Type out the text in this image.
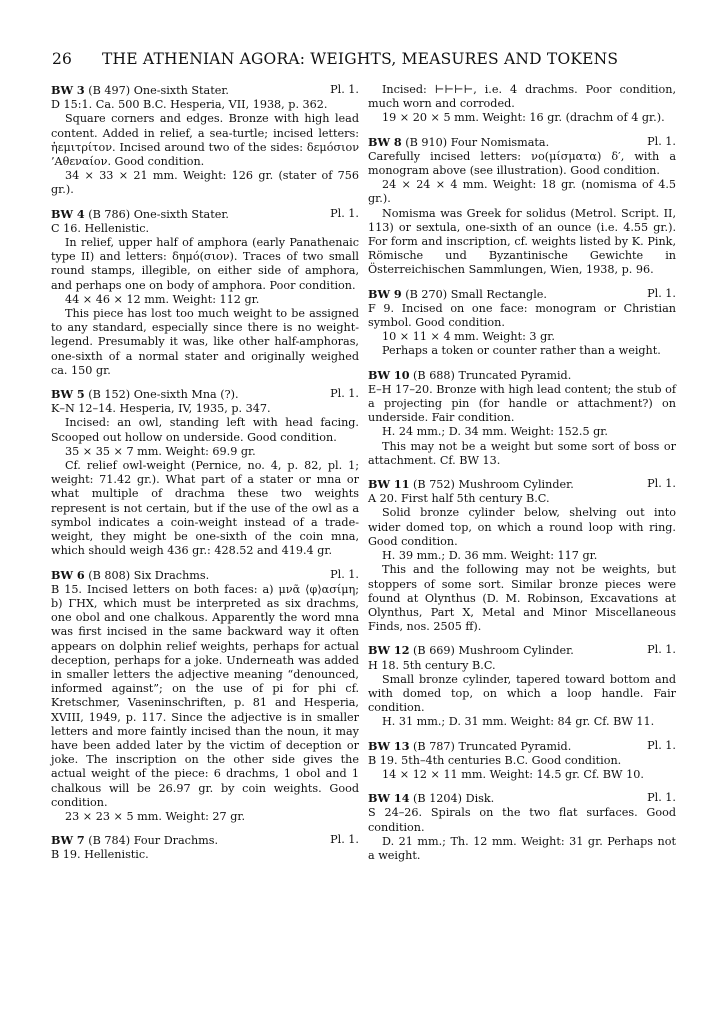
26 THE ATHENIAN AGORA: WEIGHTS, MEASURES AND TOKENS
BW 3 (B 497) One-sixth Stater.	Pl. 1.

D 15:1. Ca. 500 B.C. Hesperia, VII, 1938, p. 362.

Square corners and edges. Bronze with high lead content. Added in relief, a sea-turtle; incised letters: ἡεμιτρίτον. Incised around two of the sides: δεμόσιον ’Αθεναίον. Good condition.

34 × 33 × 21 mm. Weight: 126 gr. (stater of 756 gr.).

BW 4 (B 786) One-sixth Stater.	Pl. 1.

C 16. Hellenistic.

In relief, upper half of amphora (early Panathenaic type II) and letters: δημό(σιον). Traces of two small round stamps, illegible, on either side of amphora, and perhaps one on body of amphora. Poor condition.

44 × 46 × 12 mm. Weight: 112 gr.

This piece has lost too much weight to be assigned to any standard, especially since there is no weight-legend. Presumably it was, like other half-amphoras, one-sixth of a normal stater and originally weighed ca. 150 gr.

BW 5 (B 152) One-sixth Mna (?).	Pl. 1.

K–N 12–14. Hesperia, IV, 1935, p. 347.

Incised: an owl, standing left with head facing. Scooped out hollow on underside. Good condition.

35 × 35 × 7 mm. Weight: 69.9 gr.

Cf. relief owl-weight (Pernice, no. 4, p. 82, pl. 1; weight: 71.42 gr.). What part of a stater or mna or what multiple of drachma these two weights represent is not certain, but if the use of the owl as a symbol indicates a coin-weight instead of a trade-weight, they might be one-sixth of the coin mna, which should weigh 436 gr.: 428.52 and 419.4 gr.

BW 6 (B 808) Six Drachms.	Pl. 1.

B 15. Incised letters on both faces: a) μνᾶ ⟨φ⟩ασίμη; b) ΓΗΧ, which must be interpreted as six drachms, one obol and one chalkous. Apparently the word mna was first incised in the same backward way it often appears on dolphin relief weights, perhaps for actual deception, perhaps for a joke. Underneath was added in smaller letters the adjective meaning “denounced, informed against”; on the use of pi for phi cf. Kretschmer, Vaseninschriften, p. 81 and Hesperia, XVIII, 1949, p. 117. Since the adjective is in smaller letters and more faintly incised than the noun, it may have been added later by the victim of deception or joke. The inscription on the other side gives the actual weight of the piece: 6 drachms, 1 obol and 1 chalkous will be 26.97 gr. by coin weights. Good condition.

23 × 23 × 5 mm. Weight: 27 gr.

BW 7 (B 784) Four Drachms.	Pl. 1.

B 19. Hellenistic.

Incised: ⊢⊢⊢⊢, i.e. 4 drachms. Poor condition, much worn and corroded.

19 × 20 × 5 mm. Weight: 16 gr. (drachm of 4 gr.).

BW 8 (B 910) Four Nomismata.	Pl. 1.

Carefully incised letters: νο(μίσματα) δ′, with a monogram above (see illustration). Good condition.

24 × 24 × 4 mm. Weight: 18 gr. (nomisma of 4.5 gr.).

Nomisma was Greek for solidus (Metrol. Script. II, 113) or sextula, one-sixth of an ounce (i.e. 4.55 gr.). For form and inscription, cf. weights listed by K. Pink, Römische und Byzantinische Gewichte in Österreichischen Sammlungen, Wien, 1938, p. 96.

BW 9 (B 270) Small Rectangle.	Pl. 1.

F 9. Incised on one face: monogram or Christian symbol. Good condition.

10 × 11 × 4 mm. Weight: 3 gr.

Perhaps a token or counter rather than a weight.

BW 10 (B 688) Truncated Pyramid.

E–H 17–20. Bronze with high lead content; the stub of a projecting pin (for handle or attachment?) on underside. Fair condition.

H. 24 mm.; D. 34 mm. Weight: 152.5 gr.

This may not be a weight but some sort of boss or attachment. Cf. BW 13.

BW 11 (B 752) Mushroom Cylinder.	Pl. 1.

A 20. First half 5th century B.C.

Solid bronze cylinder below, shelving out into wider domed top, on which a round loop with ring. Good condition.

H. 39 mm.; D. 36 mm. Weight: 117 gr.

This and the following may not be weights, but stoppers of some sort. Similar bronze pieces were found at Olynthus (D. M. Robinson, Excavations at Olynthus, Part X, Metal and Minor Miscellaneous Finds, nos. 2505 ff).

BW 12 (B 669) Mushroom Cylinder.	Pl. 1.

H 18. 5th century B.C.

Small bronze cylinder, tapered toward bottom and with domed top, on which a loop handle. Fair condition.

H. 31 mm.; D. 31 mm. Weight: 84 gr. Cf. BW 11.

BW 13 (B 787) Truncated Pyramid.	Pl. 1.

B 19. 5th–4th centuries B.C. Good condition.

14 × 12 × 11 mm. Weight: 14.5 gr. Cf. BW 10.

BW 14 (B 1204) Disk.	Pl. 1.

S 24–26. Spirals on the two flat surfaces. Good condition.

D. 21 mm.; Th. 12 mm. Weight: 31 gr. Perhaps not a weight.
